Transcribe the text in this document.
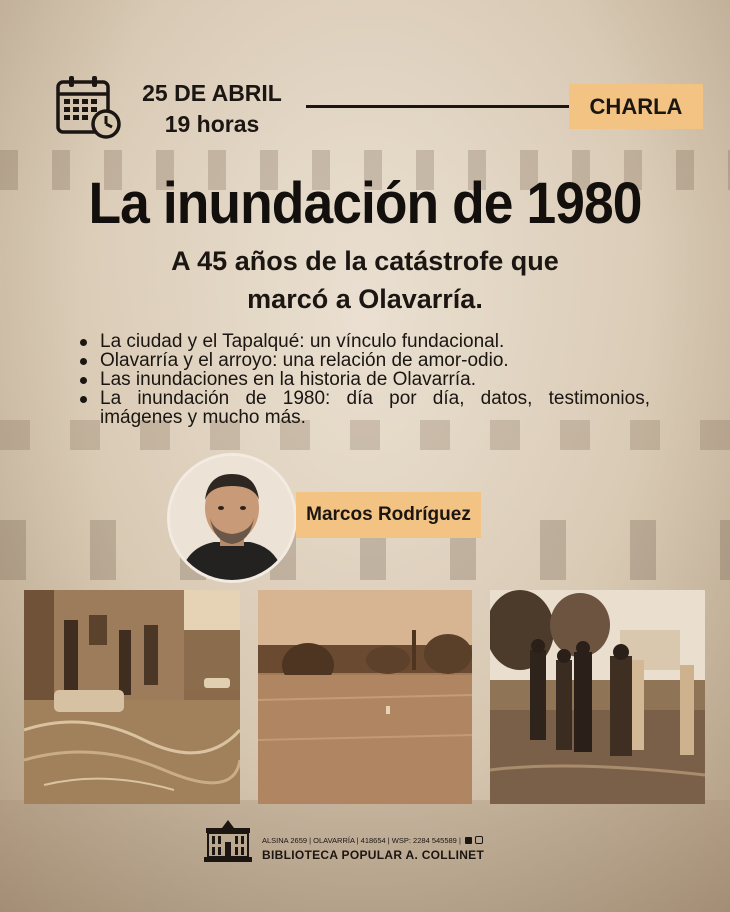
25 DE ABRIL
19 horas
CHARLA
La inundación de 1980
A 45 años de la catástrofe que
marcó a Olavarría.
La ciudad y el Tapalqué: un vínculo fundacional.
Olavarría y el arroyo: una relación de amor-odio.
Las inundaciones en la historia de Olavarría.
La inundación de 1980: día por día, datos, testimonios, imágenes y mucho más.
Marcos Rodríguez
ALSINA 2659 | OLAVARRÍA | 418654 | WSP: 2284 545589 |
BIBLIOTECA POPULAR A. COLLINET
